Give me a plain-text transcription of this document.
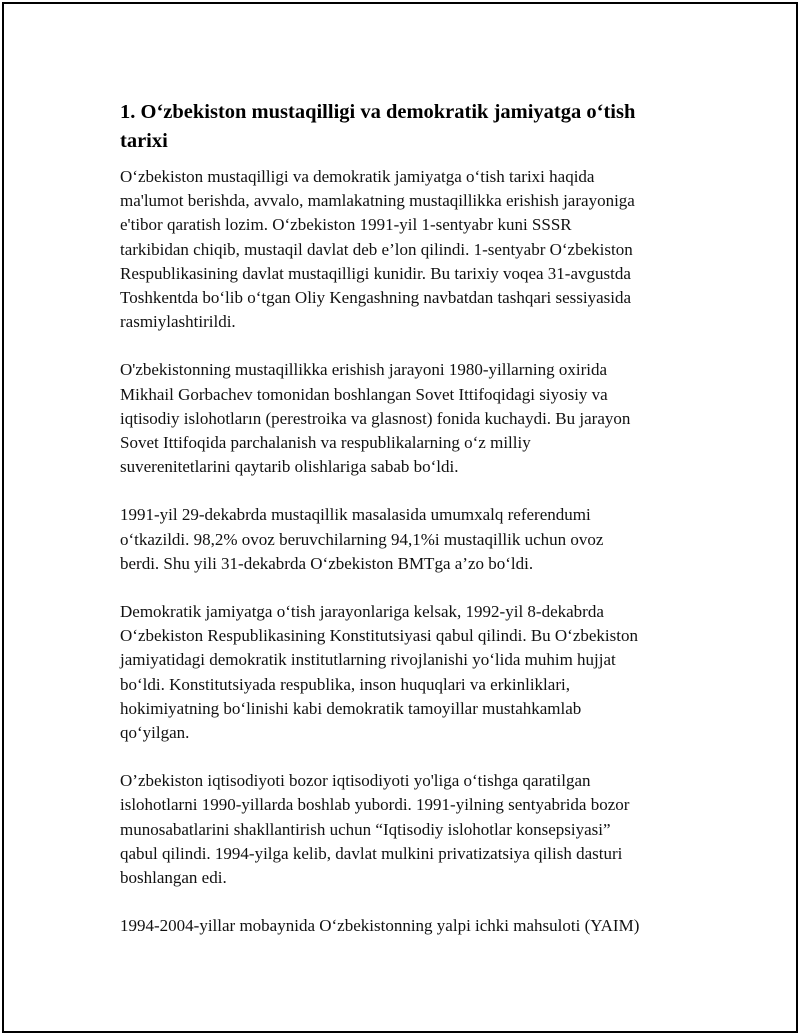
1. O‘zbekiston mustaqilligi va demokratik jamiyatga o‘tish
tarixi

O‘zbekiston mustaqilligi va demokratik jamiyatga o‘tish tarixi haqida
ma'lumot berishda, avvalo, mamlakatning mustaqillikka erishish jarayoniga
e'tibor qaratish lozim. O‘zbekiston 1991-yil 1-sentyabr kuni SSSR
tarkibidan chiqib, mustaqil davlat deb e’lon qilindi. 1-sentyabr O‘zbekiston
Respublikasining davlat mustaqilligi kunidir. Bu tarixiy voqea 31-avgustda
Toshkentda bo‘lib o‘tgan Oliy Kengashning navbatdan tashqari sessiyasida
rasmiylashtirildi.

O'zbekistonning mustaqillikka erishish jarayoni 1980-yillarning oxirida
Mikhail Gorbachev tomonidan boshlangan Sovet Ittifoqidagi siyosiy va
iqtisodiy islohotların (perestroika va glasnost) fonida kuchaydi. Bu jarayon
Sovet Ittifoqida parchalanish va respublikalarning o‘z milliy
suverenitetlarini qaytarib olishlariga sabab bo‘ldi.

1991-yil 29-dekabrda mustaqillik masalasida umumxalq referendumi
o‘tkazildi. 98,2% ovoz beruvchilarning 94,1%i mustaqillik uchun ovoz
berdi. Shu yili 31-dekabrda O‘zbekiston BMTga a’zo bo‘ldi.

Demokratik jamiyatga o‘tish jarayonlariga kelsak, 1992-yil 8-dekabrda
O‘zbekiston Respublikasining Konstitutsiyasi qabul qilindi. Bu O‘zbekiston
jamiyatidagi demokratik institutlarning rivojlanishi yo‘lida muhim hujjat
bo‘ldi. Konstitutsiyada respublika, inson huquqlari va erkinliklari,
hokimiyatning bo‘linishi kabi demokratik tamoyillar mustahkamlab
qo‘yilgan.

O’zbekiston iqtisodiyoti bozor iqtisodiyoti yo'liga o‘tishga qaratilgan
islohotlarni 1990-yillarda boshlab yubordi. 1991-yilning sentyabrida bozor
munosabatlarini shakllantirish uchun “Iqtisodiy islohotlar konsepsiyasi”
qabul qilindi. 1994-yilga kelib, davlat mulkini privatizatsiya qilish dasturi
boshlangan edi.

1994-2004-yillar mobaynida O‘zbekistonning yalpi ichki mahsuloti (YAIM)
